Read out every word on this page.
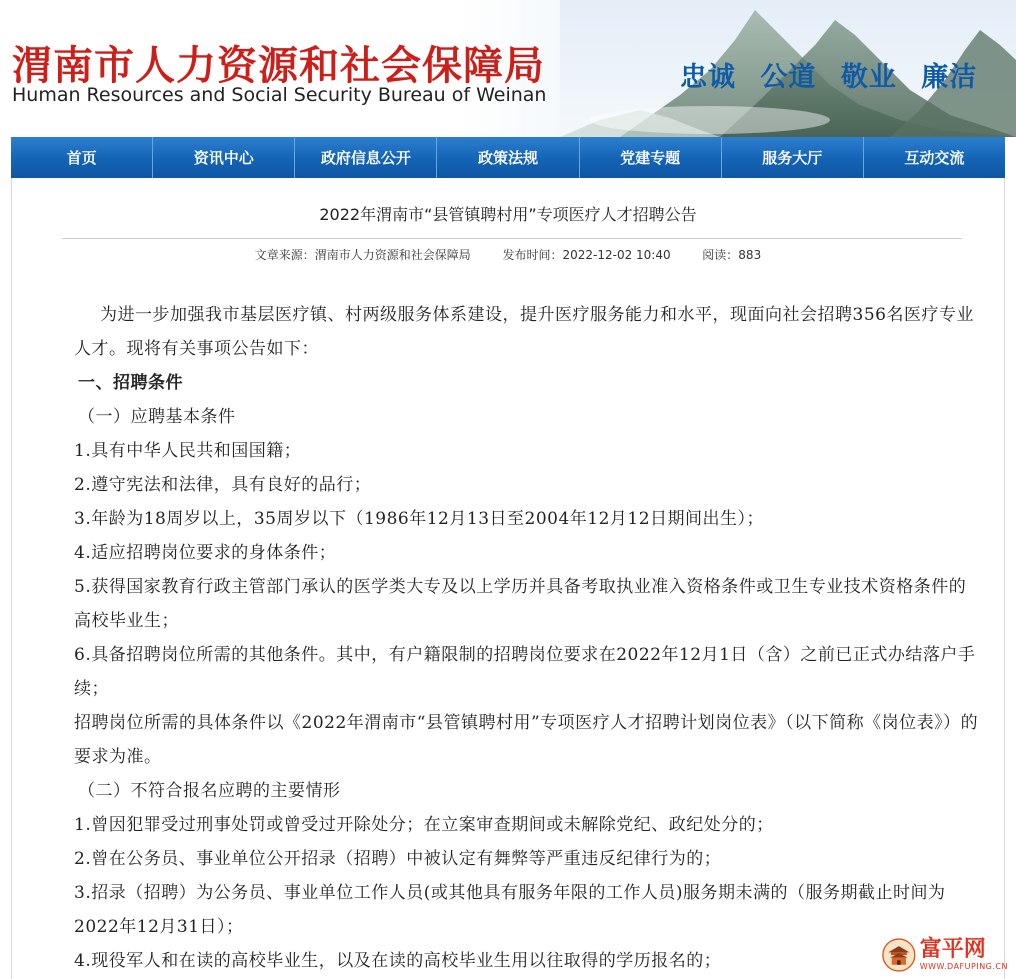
渭南市人力资源和社会保障局
Human Resources and Social Security Bureau of Weinan
忠诚 公道 敬业 廉洁
首页	资讯中心	政府信息公开	政策法规	党建专题	服务大厅	互动交流
2022年渭南市“县管镇聘村用”专项医疗人才招聘公告
文章来源：渭南市人力资源和社会保障局	发布时间：2022-12-02 10:40	阅读：883

为进一步加强我市基层医疗镇、村两级服务体系建设，提升医疗服务能力和水平，现面向社会招聘356名医疗专业人才。现将有关事项公告如下：

一、招聘条件

（一）应聘基本条件

1.具有中华人民共和国国籍；

2.遵守宪法和法律，具有良好的品行；

3.年龄为18周岁以上，35周岁以下（1986年12月13日至2004年12月12日期间出生）；

4.适应招聘岗位要求的身体条件；

5.获得国家教育行政主管部门承认的医学类大专及以上学历并具备考取执业准入资格条件或卫生专业技术资格条件的高校毕业生；

6.具备招聘岗位所需的其他条件。其中，有户籍限制的招聘岗位要求在2022年12月1日（含）之前已正式办结落户手续；

招聘岗位所需的具体条件以《2022年渭南市“县管镇聘村用”专项医疗人才招聘计划岗位表》（以下简称《岗位表》）的要求为准。

（二）不符合报名应聘的主要情形

1.曾因犯罪受过刑事处罚或曾受过开除处分；在立案审查期间或未解除党纪、政纪处分的；

2.曾在公务员、事业单位公开招录（招聘）中被认定有舞弊等严重违反纪律行为的；

3.招录（招聘）为公务员、事业单位工作人员(或其他具有服务年限的工作人员)服务期未满的（服务期截止时间为2022年12月31日）；

4.现役军人和在读的高校毕业生，以及在读的高校毕业生用以往取得的学历报名的；	富平网
WWW.DAFUPING.CN
